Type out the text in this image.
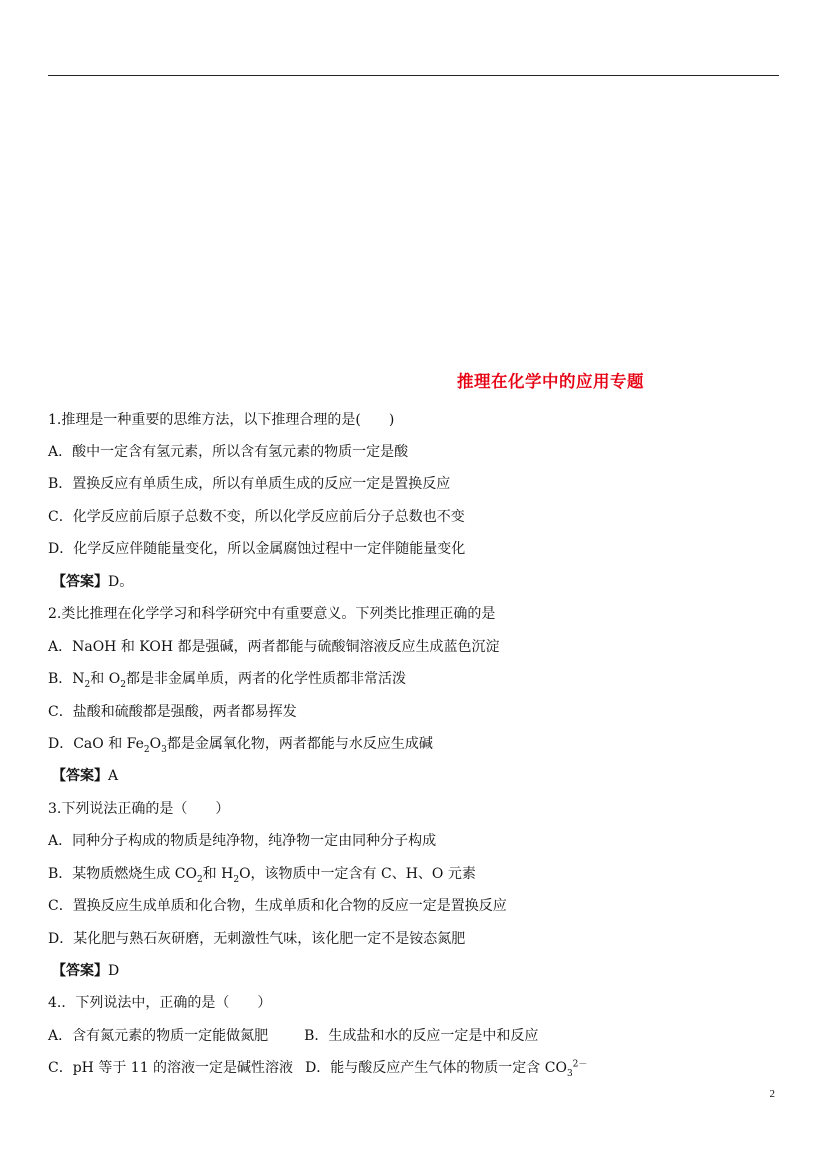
推理在化学中的应用专题
1.推理是一种重要的思维方法，以下推理合理的是(　　)
A．酸中一定含有氢元素，所以含有氢元素的物质一定是酸
B．置换反应有单质生成，所以有单质生成的反应一定是置换反应
C．化学反应前后原子总数不变，所以化学反应前后分子总数也不变
D．化学反应伴随能量变化，所以金属腐蚀过程中一定伴随能量变化
【答案】D。
2.类比推理在化学学习和科学研究中有重要意义。下列类比推理正确的是
A．NaOH 和 KOH 都是强碱，两者都能与硫酸铜溶液反应生成蓝色沉淀
B．$N_2$和 $O_2$都是非金属单质，两者的化学性质都非常活泼
C．盐酸和硫酸都是强酸，两者都易挥发
D．CaO 和 $Fe_2O_3$都是金属氧化物，两者都能与水反应生成碱
【答案】A
3.下列说法正确的是（　　）
A．同种分子构成的物质是纯净物，纯净物一定由同种分子构成
B．某物质燃烧生成 $CO_2$和 $H_2O$，该物质中一定含有 C、H、O 元素
C．置换反应生成单质和化合物，生成单质和化合物的反应一定是置换反应
D．某化肥与熟石灰研磨，无刺激性气味，该化肥一定不是铵态氮肥
【答案】D
4.．下列说法中，正确的是（　　）
A．含有氮元素的物质一定能做氮肥	B．生成盐和水的反应一定是中和反应
C．pH 等于 11 的溶液一定是碱性溶液 D．能与酸反应产生气体的物质一定含 $CO_3^{2-}$
2
